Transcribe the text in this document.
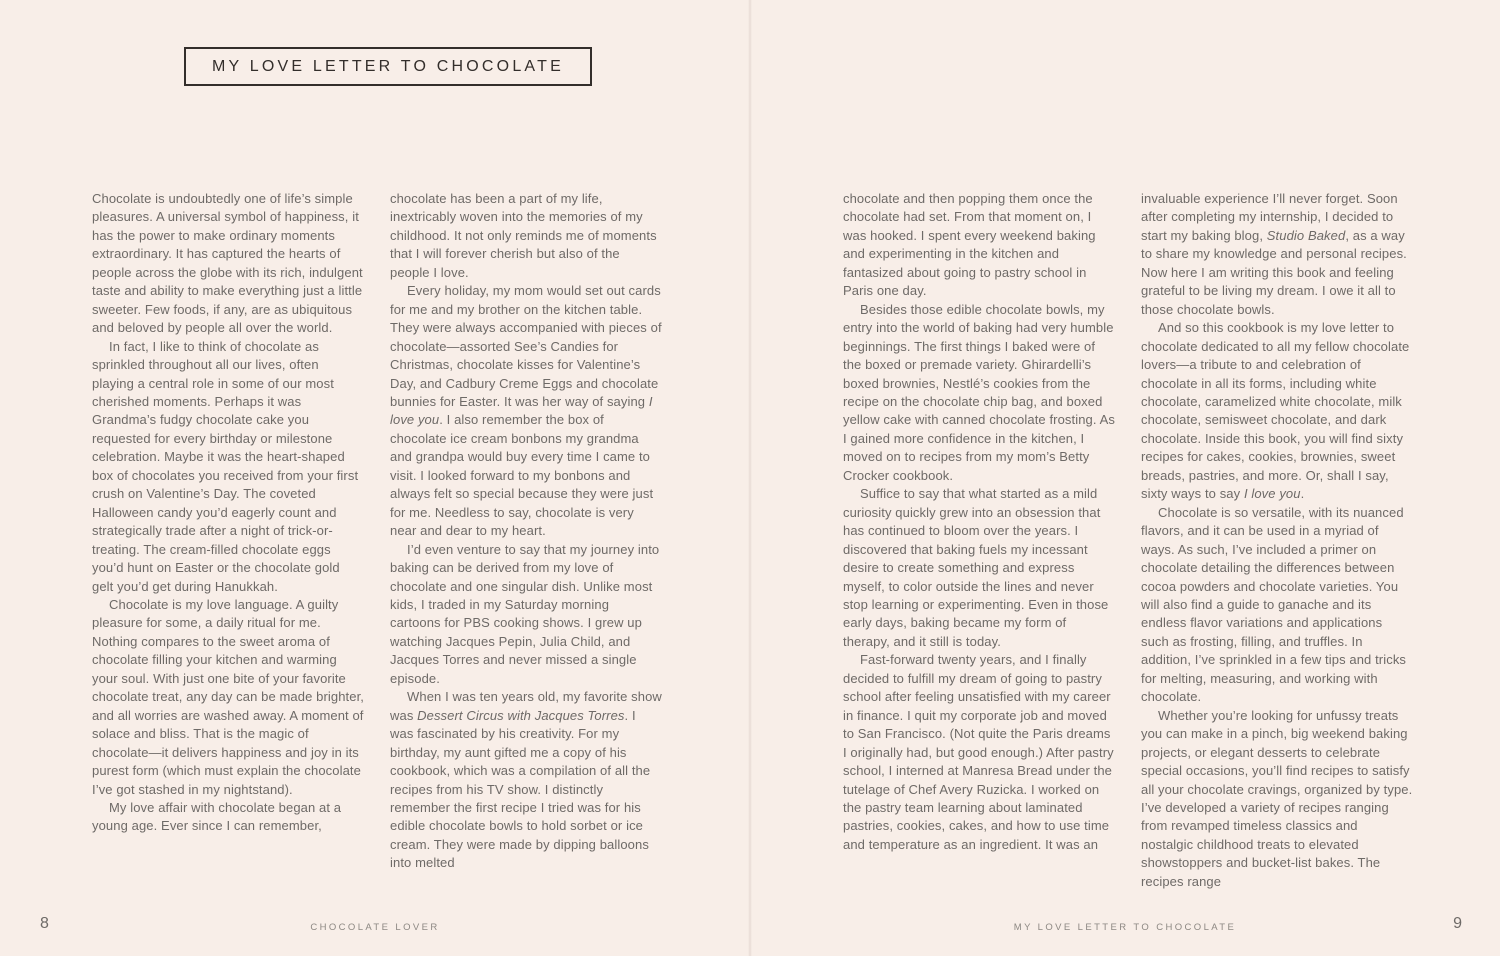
MY LOVE LETTER TO CHOCOLATE

Chocolate is undoubtedly one of life’s simple pleasures. A universal symbol of happiness, it has the power to make ordinary moments extraordinary. It has captured the hearts of people across the globe with its rich, indulgent taste and ability to make everything just a little sweeter. Few foods, if any, are as ubiquitous and beloved by people all over the world.

In fact, I like to think of chocolate as sprinkled throughout all our lives, often playing a central role in some of our most cherished moments. Perhaps it was Grandma’s fudgy chocolate cake you requested for every birthday or milestone celebration. Maybe it was the heart-shaped box of chocolates you received from your first crush on Valentine’s Day. The coveted Halloween candy you’d eagerly count and strategically trade after a night of trick-or-treating. The cream-filled chocolate eggs you’d hunt on Easter or the chocolate gold gelt you’d get during Hanukkah.

Chocolate is my love language. A guilty pleasure for some, a daily ritual for me. Nothing compares to the sweet aroma of chocolate filling your kitchen and warming your soul. With just one bite of your favorite chocolate treat, any day can be made brighter, and all worries are washed away. A moment of solace and bliss. That is the magic of chocolate—it delivers happiness and joy in its purest form (which must explain the chocolate I’ve got stashed in my nightstand).

My love affair with chocolate began at a young age. Ever since I can remember,

chocolate has been a part of my life, inextricably woven into the memories of my childhood. It not only reminds me of moments that I will forever cherish but also of the people I love.

Every holiday, my mom would set out cards for me and my brother on the kitchen table. They were always accompanied with pieces of chocolate—assorted See’s Candies for Christmas, chocolate kisses for Valentine’s Day, and Cadbury Creme Eggs and chocolate bunnies for Easter. It was her way of saying I love you. I also remember the box of chocolate ice cream bonbons my grandma and grandpa would buy every time I came to visit. I looked forward to my bonbons and always felt so special because they were just for me. Needless to say, chocolate is very near and dear to my heart.

I’d even venture to say that my journey into baking can be derived from my love of chocolate and one singular dish. Unlike most kids, I traded in my Saturday morning cartoons for PBS cooking shows. I grew up watching Jacques Pepin, Julia Child, and Jacques Torres and never missed a single episode.

When I was ten years old, my favorite show was Dessert Circus with Jacques Torres. I was fascinated by his creativity. For my birthday, my aunt gifted me a copy of his cookbook, which was a compilation of all the recipes from his TV show. I distinctly remember the first recipe I tried was for his edible chocolate bowls to hold sorbet or ice cream. They were made by dipping balloons into melted

chocolate and then popping them once the chocolate had set. From that moment on, I was hooked. I spent every weekend baking and experimenting in the kitchen and fantasized about going to pastry school in Paris one day.

Besides those edible chocolate bowls, my entry into the world of baking had very humble beginnings. The first things I baked were of the boxed or premade variety. Ghirardelli’s boxed brownies, Nestlé’s cookies from the recipe on the chocolate chip bag, and boxed yellow cake with canned chocolate frosting. As I gained more confidence in the kitchen, I moved on to recipes from my mom’s Betty Crocker cookbook.

Suffice to say that what started as a mild curiosity quickly grew into an obsession that has continued to bloom over the years. I discovered that baking fuels my incessant desire to create something and express myself, to color outside the lines and never stop learning or experimenting. Even in those early days, baking became my form of therapy, and it still is today.

Fast-forward twenty years, and I finally decided to fulfill my dream of going to pastry school after feeling unsatisfied with my career in finance. I quit my corporate job and moved to San Francisco. (Not quite the Paris dreams I originally had, but good enough.) After pastry school, I interned at Manresa Bread under the tutelage of Chef Avery Ruzicka. I worked on the pastry team learning about laminated pastries, cookies, cakes, and how to use time and temperature as an ingredient. It was an

invaluable experience I’ll never forget. Soon after completing my internship, I decided to start my baking blog, Studio Baked, as a way to share my knowledge and personal recipes. Now here I am writing this book and feeling grateful to be living my dream. I owe it all to those chocolate bowls.

And so this cookbook is my love letter to chocolate dedicated to all my fellow chocolate lovers—a tribute to and celebration of chocolate in all its forms, including white chocolate, caramelized white chocolate, milk chocolate, semisweet chocolate, and dark chocolate. Inside this book, you will find sixty recipes for cakes, cookies, brownies, sweet breads, pastries, and more. Or, shall I say, sixty ways to say I love you.

Chocolate is so versatile, with its nuanced flavors, and it can be used in a myriad of ways. As such, I’ve included a primer on chocolate detailing the differences between cocoa powders and chocolate varieties. You will also find a guide to ganache and its endless flavor variations and applications such as frosting, filling, and truffles. In addition, I’ve sprinkled in a few tips and tricks for melting, measuring, and working with chocolate.

Whether you’re looking for unfussy treats you can make in a pinch, big weekend baking projects, or elegant desserts to celebrate special occasions, you’ll find recipes to satisfy all your chocolate cravings, organized by type. I’ve developed a variety of recipes ranging from revamped timeless classics and nostalgic childhood treats to elevated showstoppers and bucket-list bakes. The recipes range

8	CHOCOLATE LOVER	MY LOVE LETTER TO CHOCOLATE	9
